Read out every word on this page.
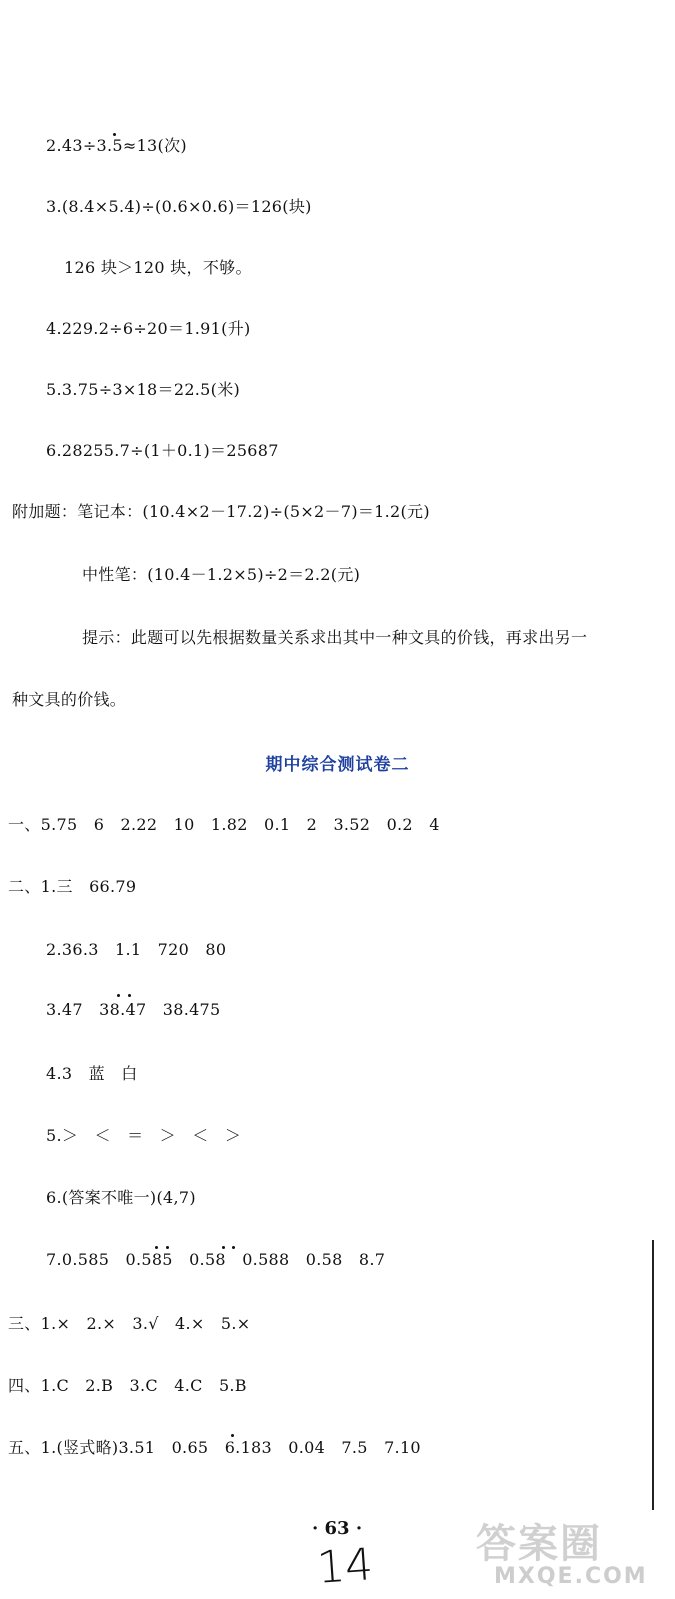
2.43÷3.5≈13(次)
3.(8.4×5.4)÷(0.6×0.6)＝126(块)
126 块＞120 块，不够。
4.229.2÷6÷20＝1.91(升)
5.3.75÷3×18＝22.5(米)
6.28255.7÷(1＋0.1)＝25687
附加题：笔记本：(10.4×2－17.2)÷(5×2－7)＝1.2(元)
中性笔：(10.4－1.2×5)÷2＝2.2(元)
提示：此题可以先根据数量关系求出其中一种文具的价钱，再求出另一
种文具的价钱。
期中综合测试卷二
一、5.75　6　2.22　10　1.82　0.1　2　3.52　0.2　4
二、1.三　66.79
2.36.3　1.1　720　80
3.47　38.47　38.475
4.3　蓝　白
5.＞　＜　＝　＞　＜　＞
6.(答案不唯一)(4,7)
7.0.585　0.585　0.58　0.588　0.58　8.7
三、1.×　2.×　3.√　4.×　5.×
四、1.C　2.B　3.C　4.C　5.B
五、1.(竖式略)3.51　0.65　6.183　0.04　7.5　7.10
· 63 ·
14	答案圈
MXQE.COM
